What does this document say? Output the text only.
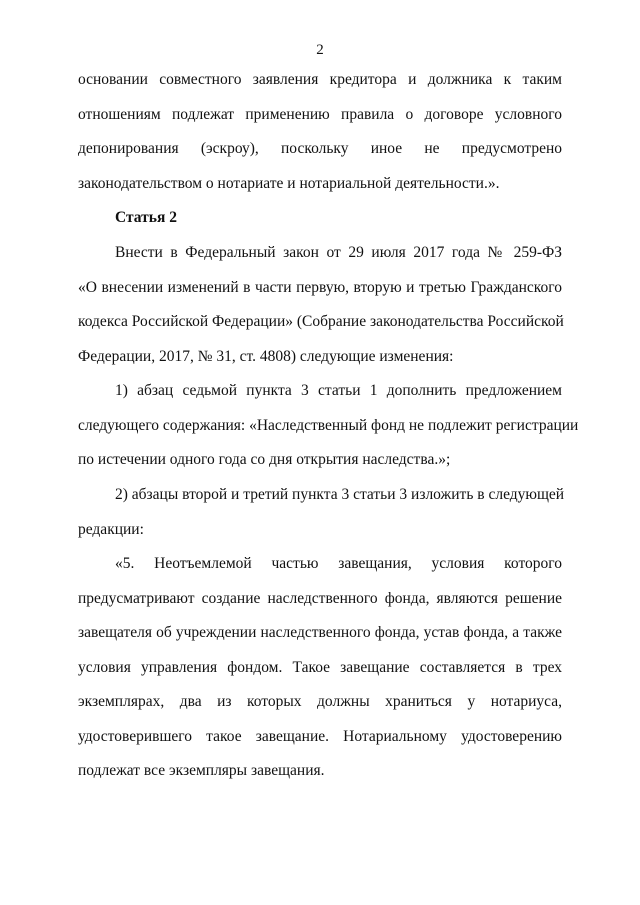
2
основании совместного заявления кредитора и должника к таким
отношениям подлежат применению правила о договоре условного
депонирования (эскроу), поскольку иное не предусмотрено
законодательством о нотариате и нотариальной деятельности.».
Статья 2
Внести в Федеральный закон от 29 июля 2017 года № 259-ФЗ
«О внесении изменений в части первую, вторую и третью Гражданского
кодекса Российской Федерации» (Собрание законодательства Российской
Федерации, 2017, № 31, ст. 4808) следующие изменения:
1) абзац седьмой пункта 3 статьи 1 дополнить предложением
следующего содержания: «Наследственный фонд не подлежит регистрации
по истечении одного года со дня открытия наследства.»;
2) абзацы второй и третий пункта 3 статьи 3 изложить в следующей
редакции:
«5. Неотъемлемой частью завещания, условия которого
предусматривают создание наследственного фонда, являются решение
завещателя об учреждении наследственного фонда, устав фонда, а также
условия управления фондом. Такое завещание составляется в трех
экземплярах, два из которых должны храниться у нотариуса,
удостоверившего такое завещание. Нотариальному удостоверению
подлежат все экземпляры завещания.
